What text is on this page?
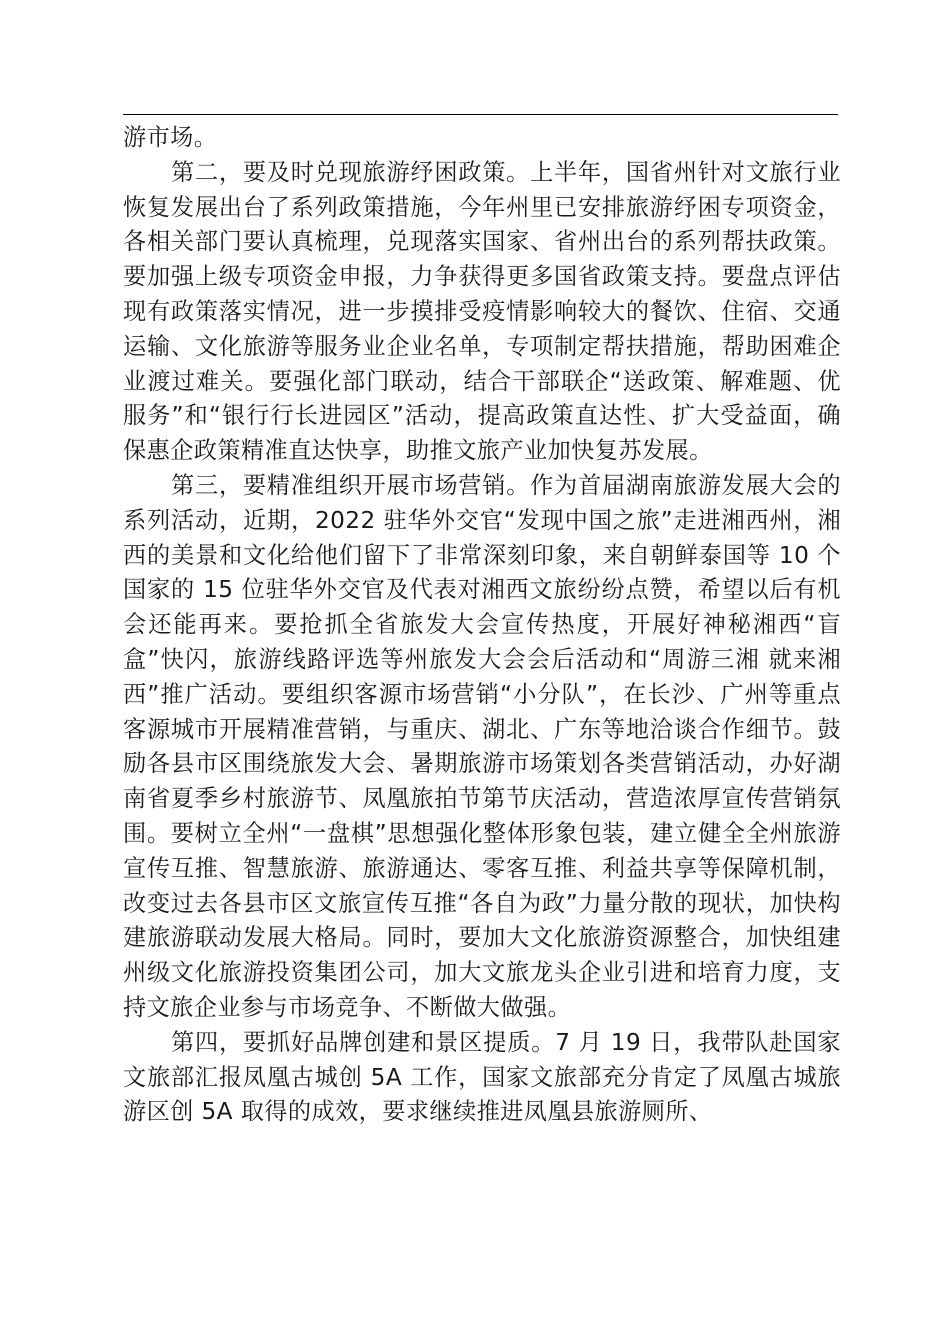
游市场。

第二，要及时兑现旅游纾困政策。上半年，国省州针对文旅行业恢复发展出台了系列政策措施，今年州里已安排旅游纾困专项资金，各相关部门要认真梳理，兑现落实国家、省州出台的系列帮扶政策。要加强上级专项资金申报，力争获得更多国省政策支持。要盘点评估现有政策落实情况，进一步摸排受疫情影响较大的餐饮、住宿、交通运输、文化旅游等服务业企业名单，专项制定帮扶措施，帮助困难企业渡过难关。要强化部门联动，结合干部联企“送政策、解难题、优服务”和“银行行长进园区”活动，提高政策直达性、扩大受益面，确保惠企政策精准直达快享，助推文旅产业加快复苏发展。

第三，要精准组织开展市场营销。作为首届湖南旅游发展大会的系列活动，近期，2022 驻华外交官“发现中国之旅”走进湘西州，湘西的美景和文化给他们留下了非常深刻印象，来自朝鲜泰国等 10 个国家的 15 位驻华外交官及代表对湘西文旅纷纷点赞，希望以后有机会还能再来。要抢抓全省旅发大会宣传热度，开展好神秘湘西“盲盒”快闪，旅游线路评选等州旅发大会会后活动和“周游三湘 就来湘西”推广活动。要组织客源市场营销“小分队”，在长沙、广州等重点客源城市开展精准营销，与重庆、湖北、广东等地洽谈合作细节。鼓励各县市区围绕旅发大会、暑期旅游市场策划各类营销活动，办好湖南省夏季乡村旅游节、凤凰旅拍节第节庆活动，营造浓厚宣传营销氛围。要树立全州“一盘棋”思想强化整体形象包装，建立健全全州旅游宣传互推、智慧旅游、旅游通达、零客互推、利益共享等保障机制，改变过去各县市区文旅宣传互推“各自为政”力量分散的现状，加快构建旅游联动发展大格局。同时，要加大文化旅游资源整合，加快组建州级文化旅游投资集团公司，加大文旅龙头企业引进和培育力度，支持文旅企业参与市场竞争、不断做大做强。

第四，要抓好品牌创建和景区提质。7 月 19 日，我带队赴国家文旅部汇报凤凰古城创 5A 工作，国家文旅部充分肯定了凤凰古城旅游区创 5A 取得的成效，要求继续推进凤凰县旅游厕所、
